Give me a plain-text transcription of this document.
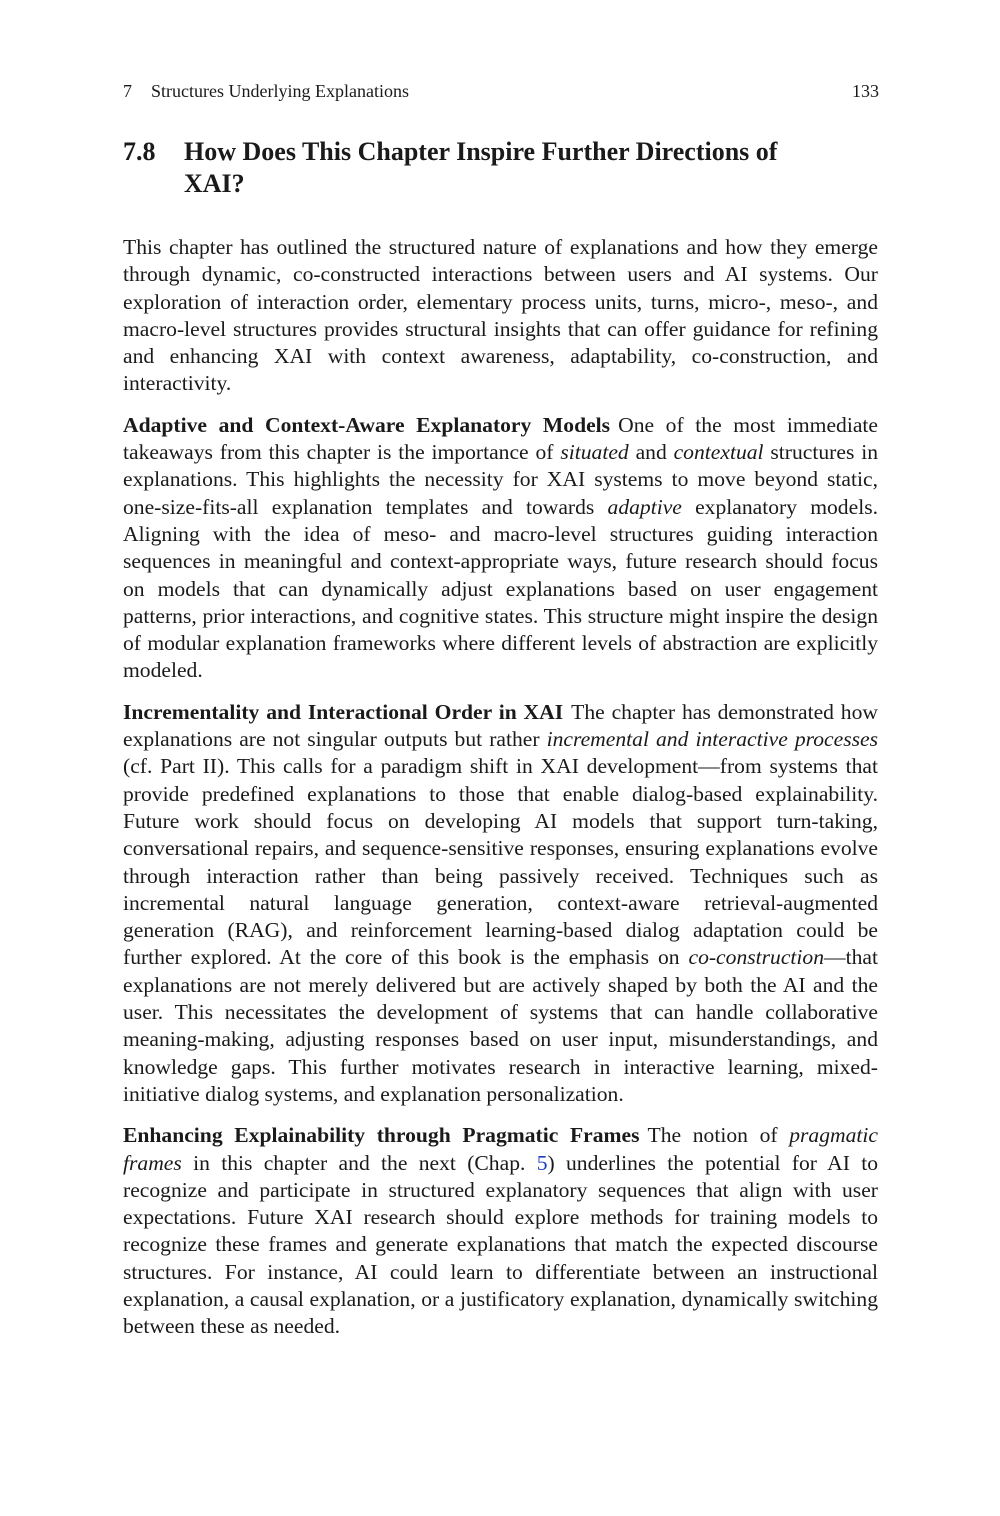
7 Structures Underlying Explanations	133
7.8 How Does This Chapter Inspire Further Directions of XAI?

This chapter has outlined the structured nature of explanations and how they emerge through dynamic, co-constructed interactions between users and AI systems. Our exploration of interaction order, elementary process units, turns, micro-, meso-, and macro-level structures provides structural insights that can offer guidance for refining and enhancing XAI with context awareness, adaptability, co-construction, and interactivity.

Adaptive and Context-Aware Explanatory Models One of the most immediate takeaways from this chapter is the importance of situated and contextual structures in explanations. This highlights the necessity for XAI systems to move beyond static, one-size-fits-all explanation templates and towards adaptive explanatory models. Aligning with the idea of meso- and macro-level structures guiding interaction sequences in meaningful and context-appropriate ways, future research should focus on models that can dynamically adjust explanations based on user engagement patterns, prior interactions, and cognitive states. This structure might inspire the design of modular explanation frameworks where different levels of abstraction are explicitly modeled.

Incrementality and Interactional Order in XAI The chapter has demonstrated how explanations are not singular outputs but rather incremental and interactive processes (cf. Part II). This calls for a paradigm shift in XAI development—from systems that provide predefined explanations to those that enable dialog-based explainability. Future work should focus on developing AI models that support turn-taking, conversational repairs, and sequence-sensitive responses, ensuring explanations evolve through interaction rather than being passively received. Techniques such as incremental natural language generation, context-aware retrieval-augmented generation (RAG), and reinforcement learning-based dialog adaptation could be further explored. At the core of this book is the emphasis on co-construction—that explanations are not merely delivered but are actively shaped by both the AI and the user. This necessitates the development of systems that can handle collaborative meaning-making, adjusting responses based on user input, misunderstandings, and knowledge gaps. This further motivates research in interactive learning, mixed-initiative dialog systems, and explanation personalization.

Enhancing Explainability through Pragmatic Frames The notion of pragmatic frames in this chapter and the next (Chap. 5) underlines the potential for AI to recognize and participate in structured explanatory sequences that align with user expectations. Future XAI research should explore methods for training models to recognize these frames and generate explanations that match the expected discourse structures. For instance, AI could learn to differentiate between an instructional explanation, a causal explanation, or a justificatory explanation, dynamically switching between these as needed.
